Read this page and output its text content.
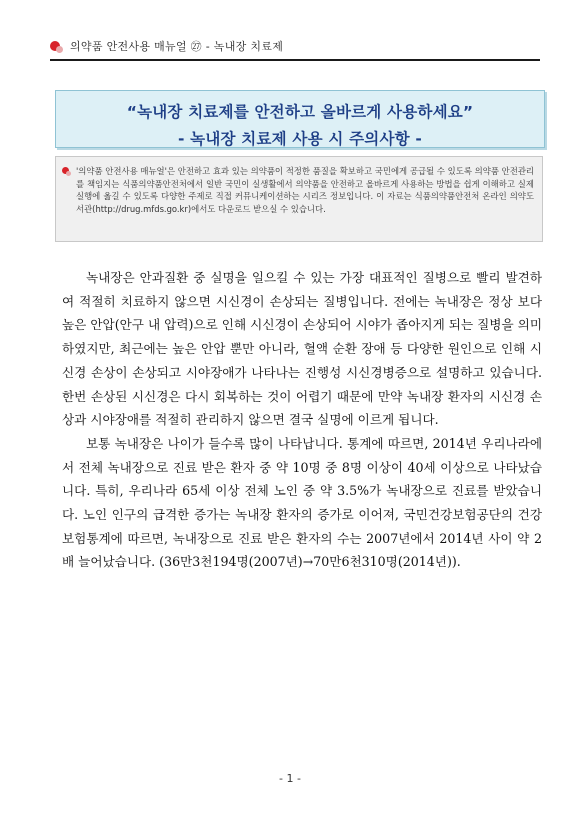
의약품 안전사용 매뉴얼 ㉗ - 녹내장 치료제
“녹내장 치료제를 안전하고 올바르게 사용하세요”
- 녹내장 치료제 사용 시 주의사항 -
'의약품 안전사용 매뉴얼'은 안전하고 효과 있는 의약품이 적정한 품질을 확보하고 국민에게 공급될 수 있도록 의약품 안전관리를 책임지는 식품의약품안전처에서 일반 국민이 실생활에서 의약품을 안전하고 올바르게 사용하는 방법을 쉽게 이해하고 실제 실행에 옮길 수 있도록 다양한 주제로 직접 커뮤니케이션하는 시리즈 정보입니다. 이 자료는 식품의약품안전처 온라인 의약도서관(http://drug.mfds.go.kr)에서도 다운로드 받으실 수 있습니다.

녹내장은 안과질환 중 실명을 일으킬 수 있는 가장 대표적인 질병으로 빨리 발견하여 적절히 치료하지 않으면 시신경이 손상되는 질병입니다. 전에는 녹내장은 정상 보다 높은 안압(안구 내 압력)으로 인해 시신경이 손상되어 시야가 좁아지게 되는 질병을 의미하였지만, 최근에는 높은 안압 뿐만 아니라, 혈액 순환 장애 등 다양한 원인으로 인해 시신경 손상이 손상되고 시야장애가 나타나는 진행성 시신경병증으로 설명하고 있습니다. 한번 손상된 시신경은 다시 회복하는 것이 어렵기 때문에 만약 녹내장 환자의 시신경 손상과 시야장애를 적절히 관리하지 않으면 결국 실명에 이르게 됩니다.

보통 녹내장은 나이가 들수록 많이 나타납니다. 통계에 따르면, 2014년 우리나라에서 전체 녹내장으로 진료 받은 환자 중 약 10명 중 8명 이상이 40세 이상으로 나타났습니다. 특히, 우리나라 65세 이상 전체 노인 중 약 3.5%가 녹내장으로 진료를 받았습니다. 노인 인구의 급격한 증가는 녹내장 환자의 증가로 이어져, 국민건강보험공단의 건강보험통계에 따르면, 녹내장으로 진료 받은 환자의 수는 2007년에서 2014년 사이 약 2배 늘어났습니다. (36만3천194명(2007년)→70만6천310명(2014년)).

- 1 -
